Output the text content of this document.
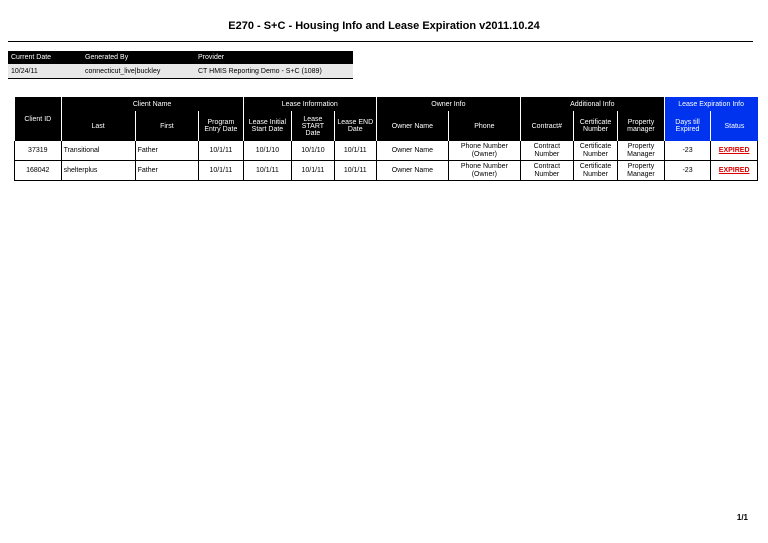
E270 - S+C - Housing Info and Lease Expiration v2011.10.24
Current Date	Generated By	Provider
10/24/11	connecticut_live|buckley	CT HMIS Reporting Demo - S+C (1089)
Client ID	Client Name			Lease Information			Owner Info		Additional Info			Lease Expiration Info	
	Last	First	Program Entry Date	Lease Initial Start Date	Lease START Date	Lease END Date	Owner Name	Phone	Contract#	Certificate Number	Property manager	Days till Expired	Status
37319	Transitional	Father	10/1/11	10/1/10	10/1/10	10/1/11	Owner Name	Phone Number (Owner)	Contract Number	Certificate Number	Property Manager	-23	EXPIRED
168042	shelterplus	Father	10/1/11	10/1/11	10/1/11	10/1/11	Owner Name	Phone Number (Owner)	Contract Number	Certificate Number	Property Manager	-23	EXPIRED
1/1
